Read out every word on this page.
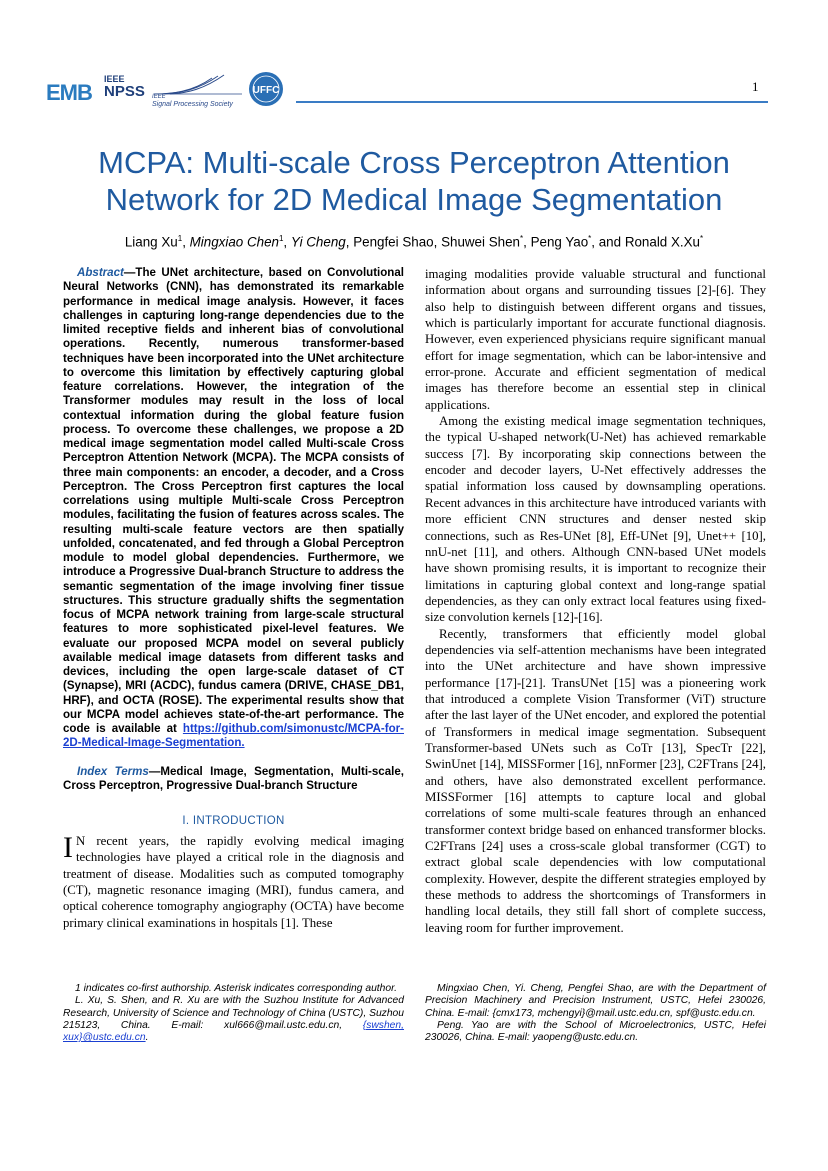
EMB
IEEE
NPSS	IEEE
Signal Processing Society
UFFC	1
MCPA: Multi-scale Cross Perceptron Attention
Network for 2D Medical Image Segmentation
Liang Xu$^1$, Mingxiao Chen$^1$, Yi Cheng, Pengfei Shao, Shuwei Shen*, Peng Yao*, and Ronald X.Xu*

Abstract—The UNet architecture, based on Convolutional Neural Networks (CNN), has demonstrated its remarkable performance in medical image analysis. However, it faces challenges in capturing long-range dependencies due to the limited receptive fields and inherent bias of convolutional operations. Recently, numerous transformer-based techniques have been incorporated into the UNet architecture to overcome this limitation by effectively capturing global feature correlations. However, the integration of the Transformer modules may result in the loss of local contextual information during the global feature fusion process. To overcome these challenges, we propose a 2D medical image segmentation model called Multi-scale Cross Perceptron Attention Network (MCPA). The MCPA consists of three main components: an encoder, a decoder, and a Cross Perceptron. The Cross Perceptron first captures the local correlations using multiple Multi-scale Cross Perceptron modules, facilitating the fusion of features across scales. The resulting multi-scale feature vectors are then spatially unfolded, concatenated, and fed through a Global Perceptron module to model global dependencies. Furthermore, we introduce a Progressive Dual-branch Structure to address the semantic segmentation of the image involving finer tissue structures. This structure gradually shifts the segmentation focus of MCPA network training from large-scale structural features to more sophisticated pixel-level features. We evaluate our proposed MCPA model on several publicly available medical image datasets from different tasks and devices, including the open large-scale dataset of CT (Synapse), MRI (ACDC), fundus camera (DRIVE, CHASE_DB1, HRF), and OCTA (ROSE). The experimental results show that our MCPA model achieves state-of-the-art performance. The code is available at https://github.com/simonustc/MCPA-for-2D-Medical-Image-Segmentation.

Index Terms—Medical Image, Segmentation, Multi-scale, Cross Perceptron, Progressive Dual-branch Structure

I. INTRODUCTION

I N recent years, the rapidly evolving medical imaging technologies have played a critical role in the diagnosis and treatment of disease. Modalities such as computed tomography (CT), magnetic resonance imaging (MRI), fundus camera, and optical coherence tomography angiography (OCTA) have become primary clinical examinations in hospitals [1]. These

imaging modalities provide valuable structural and functional information about organs and surrounding tissues [2]-[6]. They also help to distinguish between different organs and tissues, which is particularly important for accurate functional diagnosis. However, even experienced physicians require significant manual effort for image segmentation, which can be labor-intensive and error-prone. Accurate and efficient segmentation of medical images has therefore become an essential step in clinical applications.

Among the existing medical image segmentation techniques, the typical U-shaped network(U-Net) has achieved remarkable success [7]. By incorporating skip connections between the encoder and decoder layers, U-Net effectively addresses the spatial information loss caused by downsampling operations. Recent advances in this architecture have introduced variants with more efficient CNN structures and denser nested skip connections, such as Res-UNet [8], Eff-UNet [9], Unet++ [10], nnU-net [11], and others. Although CNN-based UNet models have shown promising results, it is important to recognize their limitations in capturing global context and long-range spatial dependencies, as they can only extract local features using fixed-size convolution kernels [12]-[16].

Recently, transformers that efficiently model global dependencies via self-attention mechanisms have been integrated into the UNet architecture and have shown impressive performance [17]-[21]. TransUNet [15] was a pioneering work that introduced a complete Vision Transformer (ViT) structure after the last layer of the UNet encoder, and explored the potential of Transformers in medical image segmentation. Subsequent Transformer-based UNets such as CoTr [13], SpecTr [22], SwinUnet [14], MISSFormer [16], nnFormer [23], C2FTrans [24], and others, have also demonstrated excellent performance. MISSFormer [16] attempts to capture local and global correlations of some multi-scale features through an enhanced transformer context bridge based on enhanced transformer blocks. C2FTrans [24] uses a cross-scale global transformer (CGT) to extract global scale dependencies with low computational complexity. However, despite the different strategies employed by these methods to address the shortcomings of Transformers in handling local details, they still fall short of complete success, leaving room for further improvement.

1 indicates co-first authorship. Asterisk indicates corresponding author.

L. Xu, S. Shen, and R. Xu are with the Suzhou Institute for Advanced Research, University of Science and Technology of China (USTC), Suzhou 215123, China. E-mail: xul666@mail.ustc.edu.cn, {swshen, xux}@ustc.edu.cn.

Mingxiao Chen, Yi. Cheng, Pengfei Shao, are with the Department of Precision Machinery and Precision Instrument, USTC, Hefei 230026, China. E-mail: {cmx173, mchengyi}@mail.ustc.edu.cn, spf@ustc.edu.cn.

Peng. Yao are with the School of Microelectronics, USTC, Hefei 230026, China. E-mail: yaopeng@ustc.edu.cn.
